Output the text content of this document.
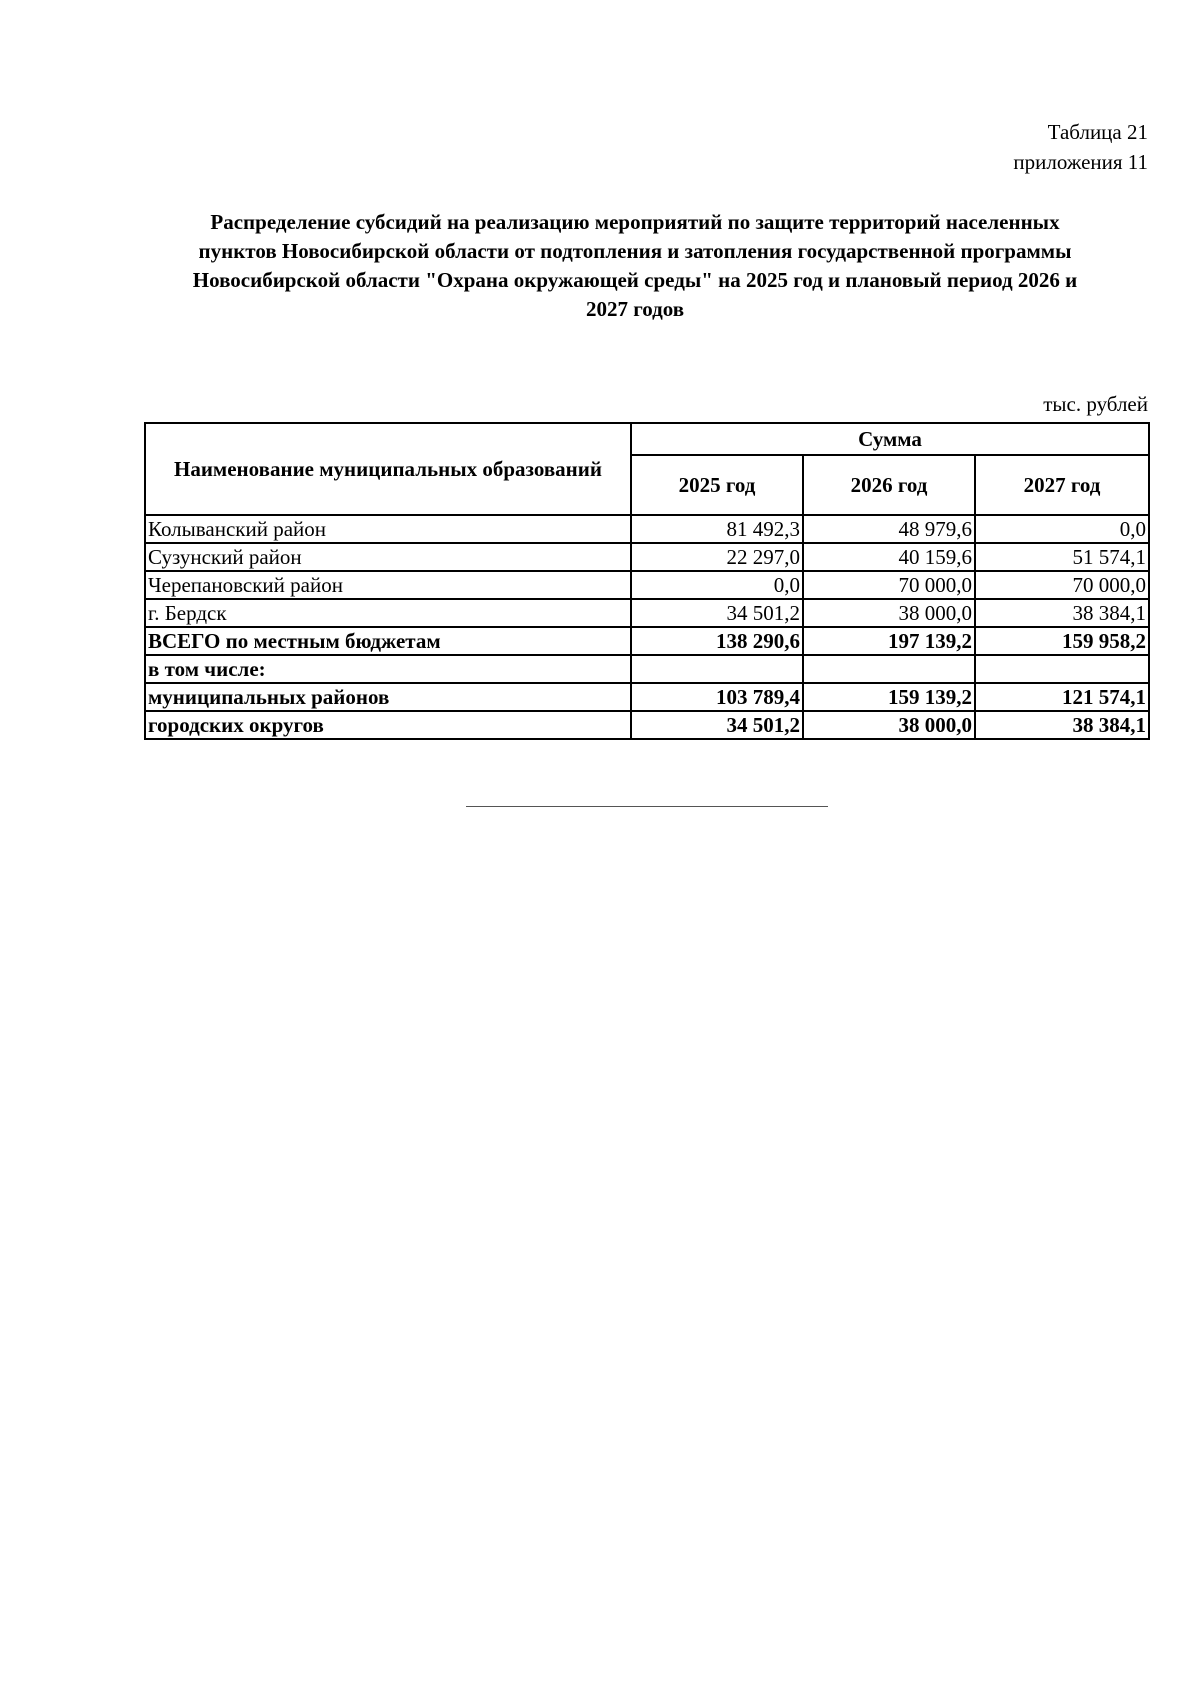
Таблица 21
приложения 11
Распределение субсидий на реализацию мероприятий по защите территорий населенных
пунктов Новосибирской области от подтопления и затопления государственной программы
Новосибирской области "Охрана окружающей среды" на 2025 год и плановый период 2026 и
2027 годов
тыс. рублей
Наименование муниципальных образований	Сумма		
	2025 год	2026 год	2027 год
Колыванский район	81 492,3	48 979,6	0,0
Сузунский район	22 297,0	40 159,6	51 574,1
Черепановский район	0,0	70 000,0	70 000,0
г. Бердск	34 501,2	38 000,0	38 384,1
ВСЕГО по местным бюджетам	138 290,6	197 139,2	159 958,2
в том числе:			
муниципальных районов	103 789,4	159 139,2	121 574,1
городских округов	34 501,2	38 000,0	38 384,1
